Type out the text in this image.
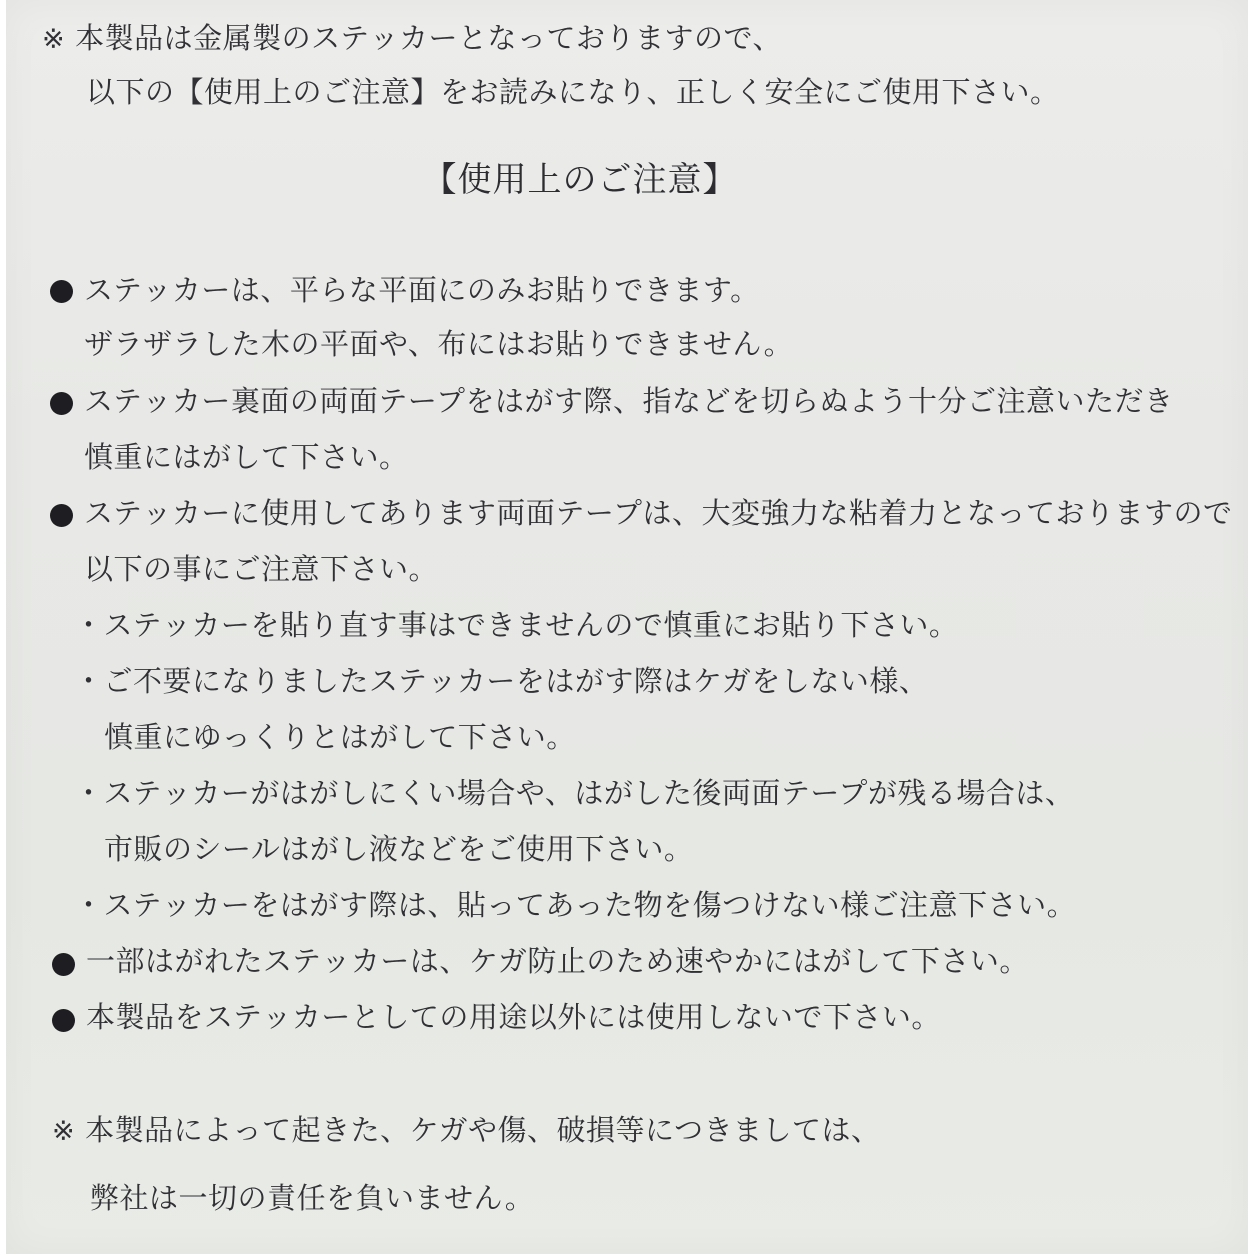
※ 本製品は金属製のステッカーとなっておりますので、
以下の【使用上のご注意】をお読みになり、正しく安全にご使用下さい。
【使用上のご注意】
ステッカーは、平らな平面にのみお貼りできます。
ザラザラした木の平面や、布にはお貼りできません。
ステッカー裏面の両面テープをはがす際、指などを切らぬよう十分ご注意いただき
慎重にはがして下さい。
ステッカーに使用してあります両面テープは、大変強力な粘着力となっておりますので
以下の事にご注意下さい。
・ステッカーを貼り直す事はできませんので慎重にお貼り下さい。
・ご不要になりましたステッカーをはがす際はケガをしない様、
慎重にゆっくりとはがして下さい。
・ステッカーがはがしにくい場合や、はがした後両面テープが残る場合は、
市販のシールはがし液などをご使用下さい。
・ステッカーをはがす際は、貼ってあった物を傷つけない様ご注意下さい。
一部はがれたステッカーは、ケガ防止のため速やかにはがして下さい。
本製品をステッカーとしての用途以外には使用しないで下さい。
※ 本製品によって起きた、ケガや傷、破損等につきましては、
弊社は一切の責任を負いません。
